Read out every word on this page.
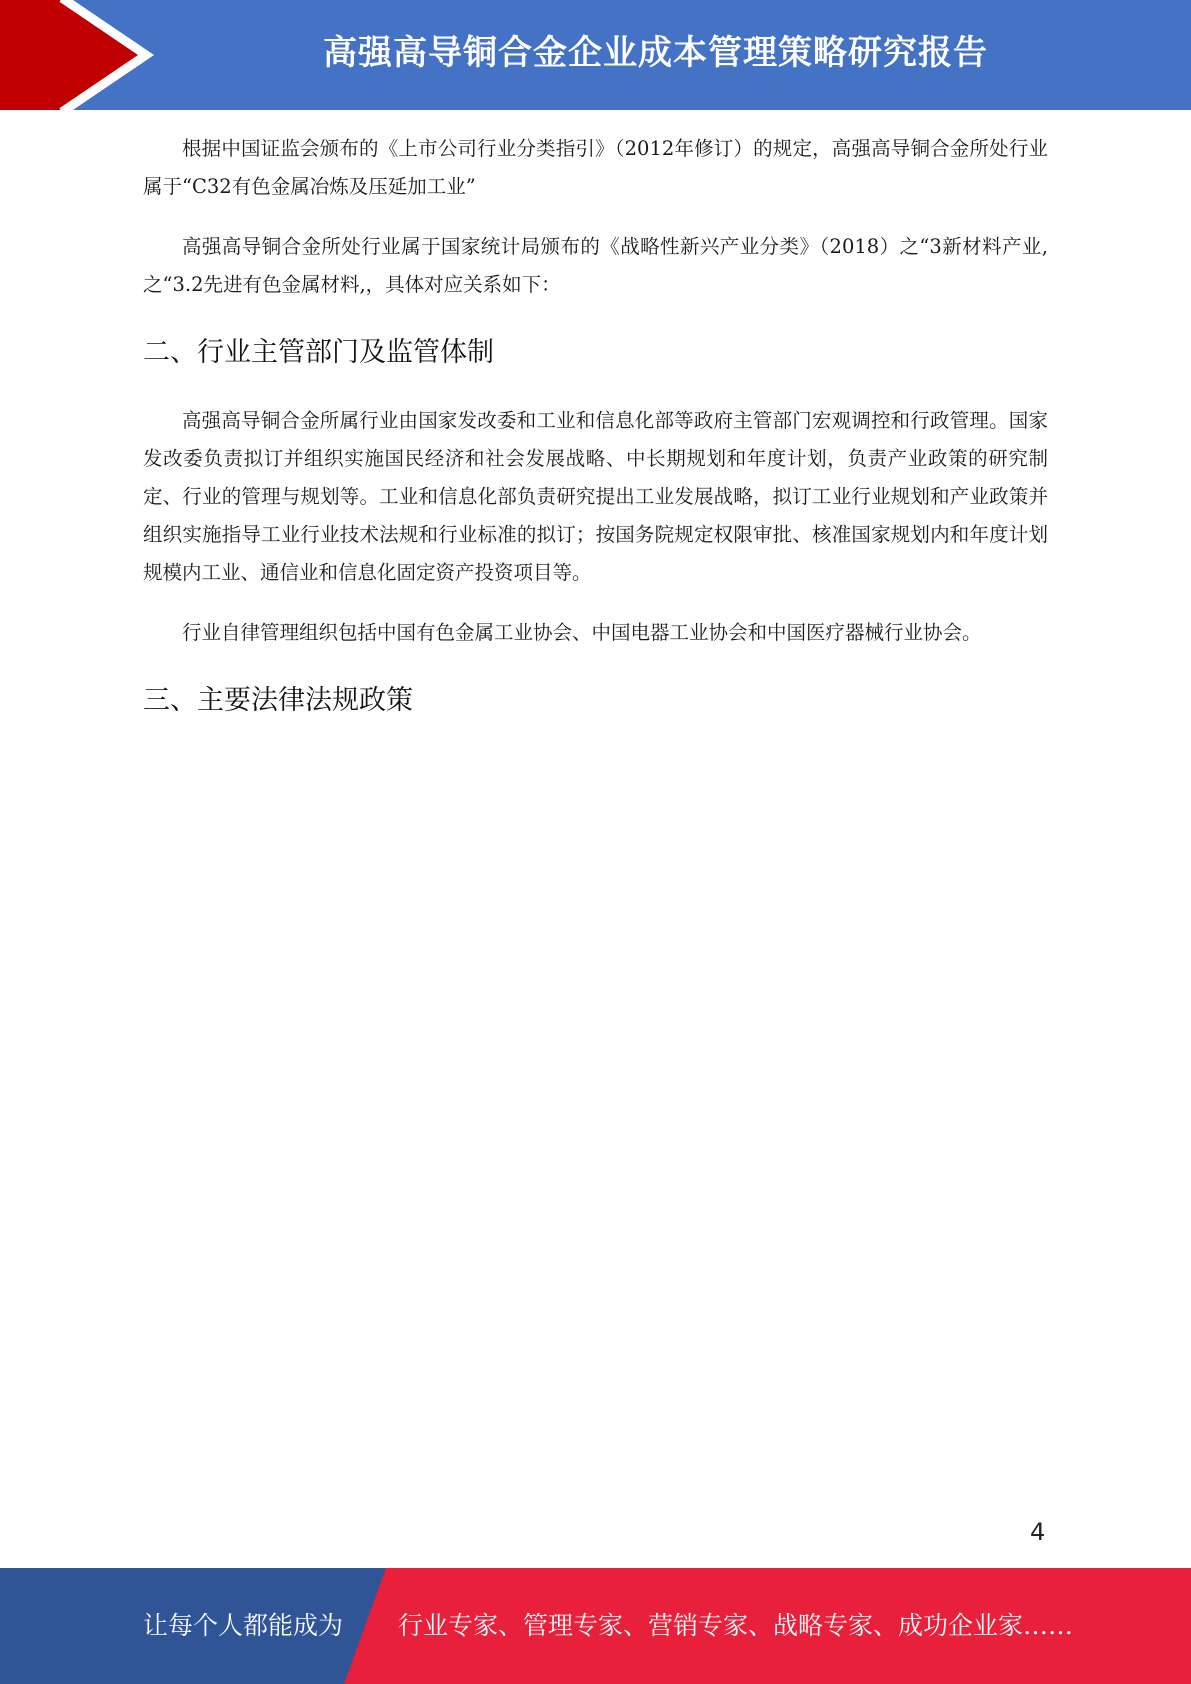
高强高导铜合金企业成本管理策略研究报告

根据中国证监会颁布的《上市公司行业分类指引》（2012年修订）的规定，高强高导铜合金所处行业属于“C32有色金属冶炼及压延加工业”

高强高导铜合金所处行业属于国家统计局颁布的《战略性新兴产业分类》（2018）之“3新材料产业,之“3.2先进有色金属材料,，具体对应关系如下：

二、行业主管部门及监管体制

高强高导铜合金所属行业由国家发改委和工业和信息化部等政府主管部门宏观调控和行政管理。国家发改委负责拟订并组织实施国民经济和社会发展战略、中长期规划和年度计划，负责产业政策的研究制定、行业的管理与规划等。工业和信息化部负责研究提出工业发展战略，拟订工业行业规划和产业政策并组织实施指导工业行业技术法规和行业标准的拟订；按国务院规定权限审批、核准国家规划内和年度计划规模内工业、通信业和信息化固定资产投资项目等。

行业自律管理组织包括中国有色金属工业协会、中国电器工业协会和中国医疗器械行业协会。

三、主要法律法规政策
4
让每个人都能成为 行业专家、管理专家、营销专家、战略专家、成功企业家……
